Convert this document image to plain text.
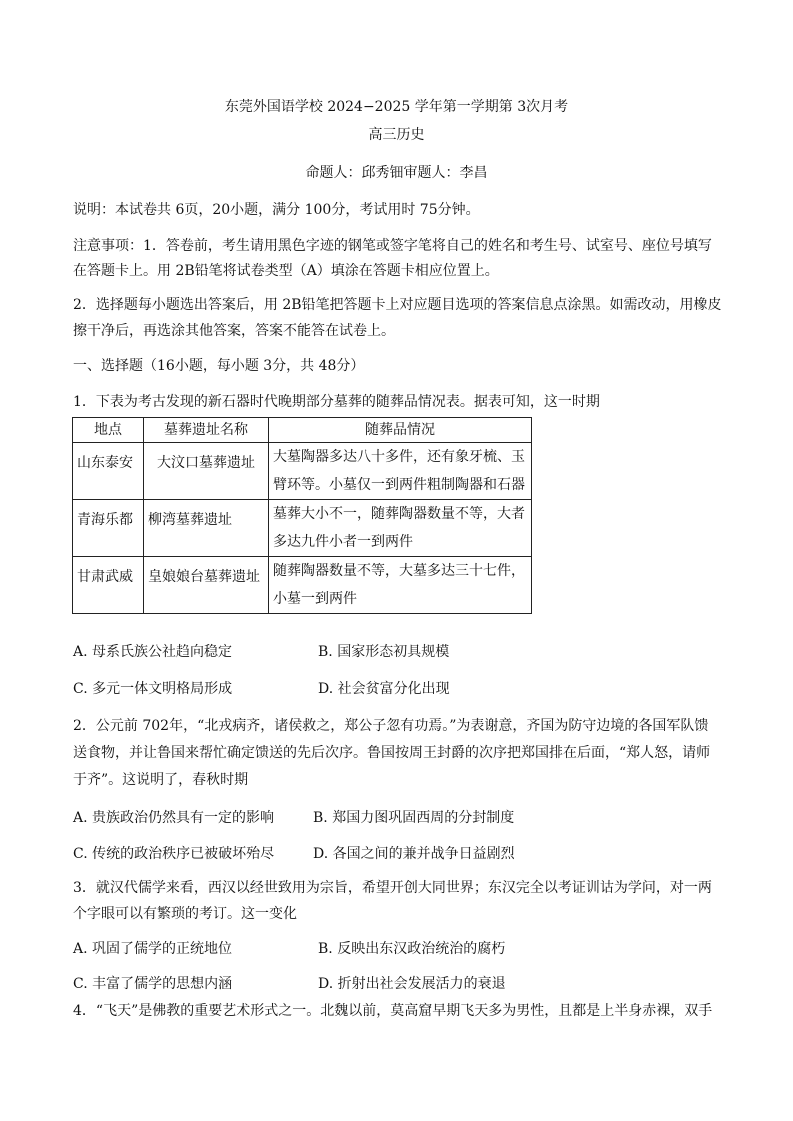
东莞外国语学校 2024−2025 学年第一学期第 3次月考
高三历史
命题人：邱秀钿审题人：李昌
说明：本试卷共 6页，20小题，满分 100分，考试用时 75分钟。
注意事项：1．答卷前，考生请用黑色字迹的钢笔或签字笔将自己的姓名和考生号、试室号、座位号填写
在答题卡上。用 2B铅笔将试卷类型（A）填涂在答题卡相应位置上。
2．选择题每小题选出答案后，用 2B铅笔把答题卡上对应题目选项的答案信息点涂黑。如需改动，用橡皮
擦干净后，再选涂其他答案，答案不能答在试卷上。
一、选择题（16小题，每小题 3分，共 48分）
1．下表为考古发现的新石器时代晚期部分墓葬的随葬品情况表。据表可知，这一时期
地点	墓葬遗址名称	随葬品情况
山东泰安	大汶口墓葬遗址	大墓陶器多达八十多件，还有象牙梳、玉臂环等。小墓仅一到两件粗制陶器和石器
青海乐都	柳湾墓葬遗址	墓葬大小不一，随葬陶器数量不等，大者多达九件小者一到两件
甘肃武威	皇娘娘台墓葬遗址	随葬陶器数量不等，大墓多达三十七件，小墓一到两件
A. 母系氏族公社趋向稳定	B. 国家形态初具规模
C. 多元一体文明格局形成	D. 社会贫富分化出现
2．公元前 702年，“北戎病齐，诸侯救之，郑公子忽有功焉。”为表谢意，齐国为防守边境的各国军队馈
送食物，并让鲁国来帮忙确定馈送的先后次序。鲁国按周王封爵的次序把郑国排在后面，“郑人怒，请师
于齐”。这说明了，春秋时期
A. 贵族政治仍然具有一定的影响	B. 郑国力图巩固西周的分封制度
C. 传统的政治秩序已被破坏殆尽	D. 各国之间的兼并战争日益剧烈
3．就汉代儒学来看，西汉以经世致用为宗旨，希望开创大同世界；东汉完全以考证训诂为学问，对一两
个字眼可以有繁琐的考订。这一变化
A. 巩固了儒学的正统地位	B. 反映出东汉政治统治的腐朽
C. 丰富了儒学的思想内涵	D. 折射出社会发展活力的衰退
4．“飞天”是佛教的重要艺术形式之一。北魏以前，莫高窟早期飞天多为男性，且都是上半身赤裸，双手
